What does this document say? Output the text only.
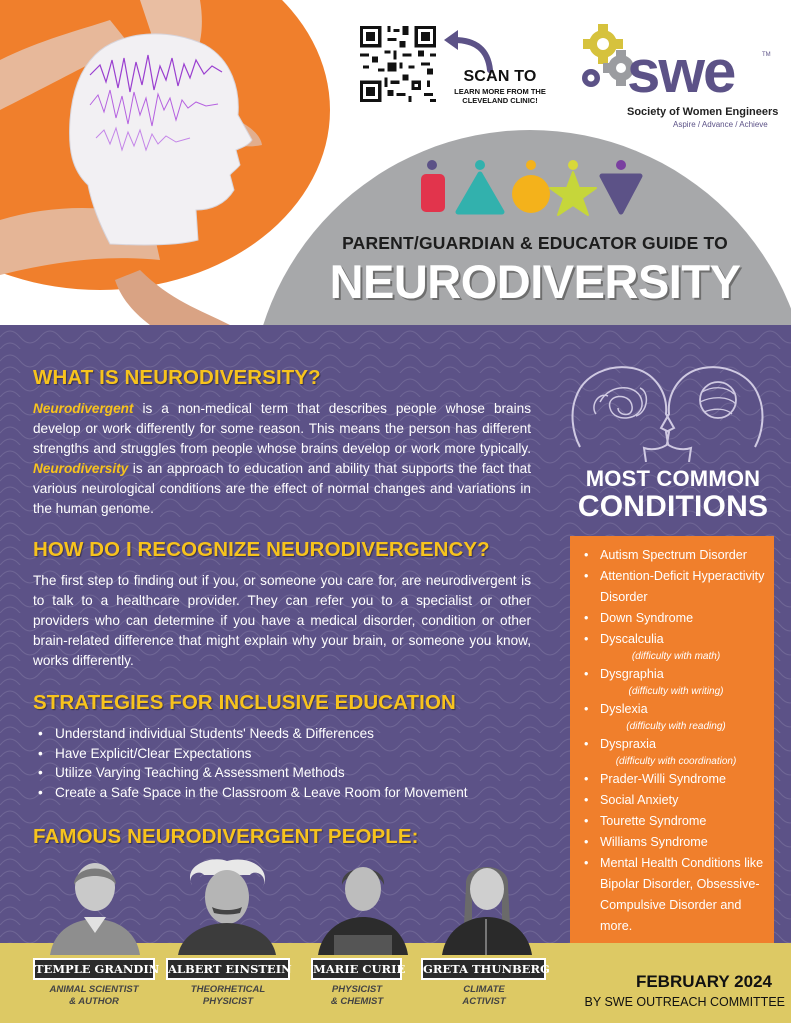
SCAN TO
LEARN MORE FROM THE
CLEVELAND CLINIC!	swe	TM
Society of Women Engineers
Aspire / Advance / Achieve
PARENT/GUARDIAN & EDUCATOR GUIDE TO
NEURODIVERSITY
WHAT IS NEURODIVERSITY?
Neurodivergent is a non-medical term that describes people whose brains develop or work differently for some reason. This means the person has different strengths and struggles from people whose brains develop or work more typically. Neurodiversity is an approach to education and ability that supports the fact that various neurological conditions are the effect of normal changes and variations in the human genome.
HOW DO I RECOGNIZE NEURODIVERGENCY?
The first step to finding out if you, or someone you care for, are neurodivergent is to talk to a healthcare provider. They can refer you to a specialist or other providers who can determine if you have a medical disorder, condition or other brain-related difference that might explain why your brain, or someone you know, works differently.
STRATEGIES FOR INCLUSIVE EDUCATION
• Understand individual Students' Needs & Differences
• Have Explicit/Clear Expectations
• Utilize Varying Teaching & Assessment Methods
• Create a Safe Space in the Classroom & Leave Room for Movement
FAMOUS NEURODIVERGENT PEOPLE:
MOST COMMON
CONDITIONS
• Autism Spectrum Disorder
• Attention-Deficit Hyperactivity Disorder
• Down Syndrome
• Dyscalculia
(difficulty with math)
• Dysgraphia
(difficulty with writing)
• Dyslexia
(difficulty with reading)
• Dyspraxia
(difficulty with coordination)
• Prader-Willi Syndrome
• Social Anxiety
• Tourette Syndrome
• Williams Syndrome
• Mental Health Conditions like Bipolar Disorder, Obsessive-Compulsive Disorder and more.
TEMPLE GRANDIN ALBERT EINSTEIN MARIE CURIE GRETA THUNBERG
ANIMAL SCIENTIST
& AUTHOR
THEORHETICAL
PHYSICIST
PHYSICIST
& CHEMIST
CLIMATE
ACTIVIST
FEBRUARY 2024
BY SWE OUTREACH COMMITTEE
